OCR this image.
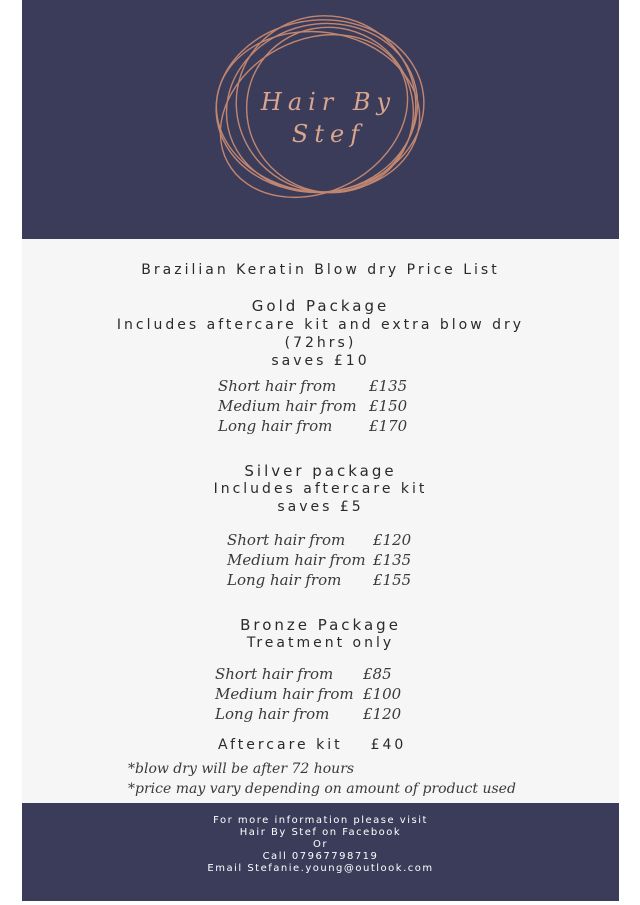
Hair By
Stef
Brazilian Keratin Blow dry Price List
Gold Package
Includes aftercare kit and extra blow dry
(72hrs)
saves £10
Short hair from	£135
Medium hair from £150
Long hair from	£170
Silver package
Includes aftercare kit
saves £5
Short hair from	£120
Medium hair from £135
Long hair from	£155
Bronze Package
Treatment only
Short hair from	£85
Medium hair from £100
Long hair from	£120
Aftercare kit £40
*blow dry will be after 72 hours
*price may vary depending on amount of product used
For more information please visit
Hair By Stef on Facebook
Or
Call 07967798719
Email Stefanie.young@outlook.com
